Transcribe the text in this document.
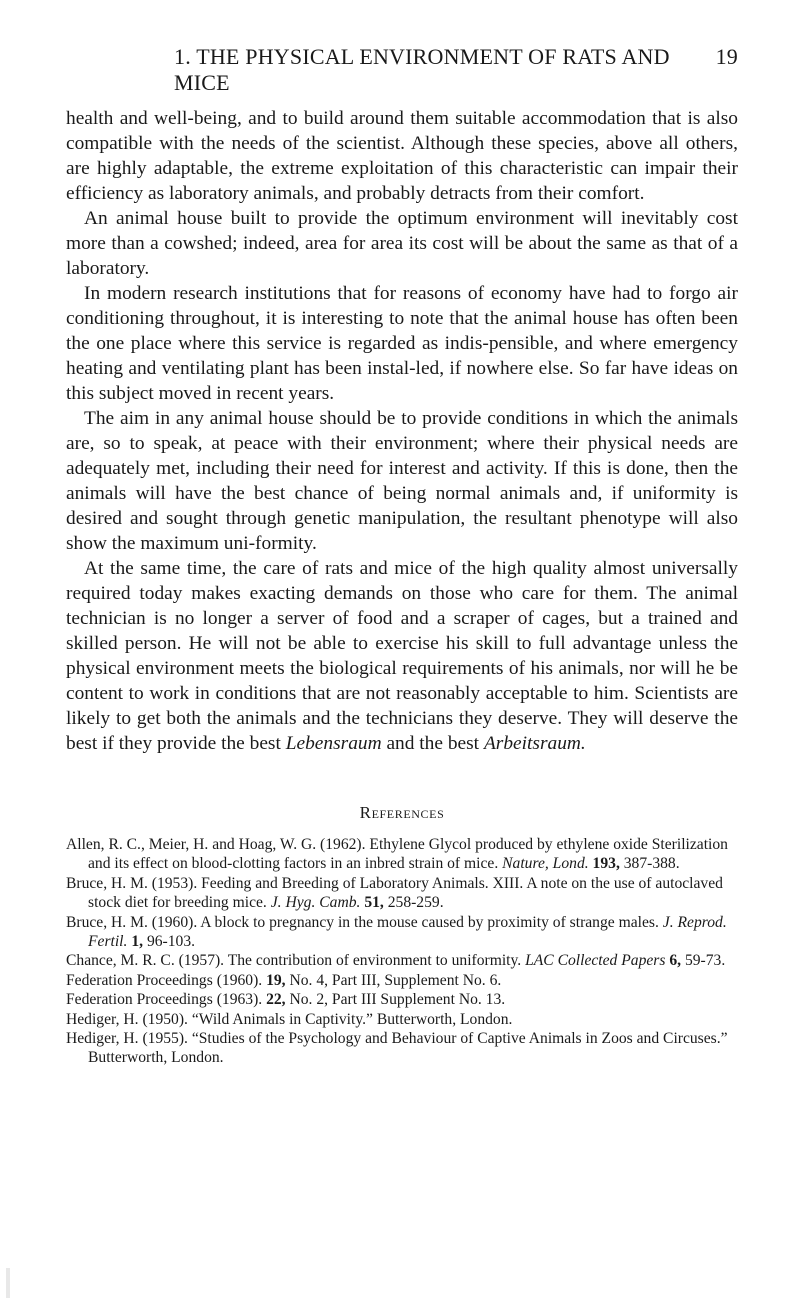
1. THE PHYSICAL ENVIRONMENT OF RATS AND MICE
19

health and well-being, and to build around them suitable accommodation that is also compatible with the needs of the scientist. Although these species, above all others, are highly adaptable, the extreme exploitation of this characteristic can impair their efficiency as laboratory animals, and probably detracts from their comfort.

An animal house built to provide the optimum environment will inevitably cost more than a cowshed; indeed, area for area its cost will be about the same as that of a laboratory.

In modern research institutions that for reasons of economy have had to forgo air conditioning throughout, it is interesting to note that the animal house has often been the one place where this service is regarded as indis-pensible, and where emergency heating and ventilating plant has been instal-led, if nowhere else. So far have ideas on this subject moved in recent years.

The aim in any animal house should be to provide conditions in which the animals are, so to speak, at peace with their environment; where their physical needs are adequately met, including their need for interest and activity. If this is done, then the animals will have the best chance of being normal animals and, if uniformity is desired and sought through genetic manipulation, the resultant phenotype will also show the maximum uni-formity.

At the same time, the care of rats and mice of the high quality almost universally required today makes exacting demands on those who care for them. The animal technician is no longer a server of food and a scraper of cages, but a trained and skilled person. He will not be able to exercise his skill to full advantage unless the physical environment meets the biological requirements of his animals, nor will he be content to work in conditions that are not reasonably acceptable to him. Scientists are likely to get both the animals and the technicians they deserve. They will deserve the best if they provide the best Lebensraum and the best Arbeitsraum.

References
Allen, R. C., Meier, H. and Hoag, W. G. (1962). Ethylene Glycol produced by ethylene oxide Sterilization and its effect on blood-clotting factors in an inbred strain of mice. Nature, Lond. 193, 387-388.
Bruce, H. M. (1953). Feeding and Breeding of Laboratory Animals. XIII. A note on the use of autoclaved stock diet for breeding mice. J. Hyg. Camb. 51, 258-259.
Bruce, H. M. (1960). A block to pregnancy in the mouse caused by proximity of strange males. J. Reprod. Fertil. 1, 96-103.
Chance, M. R. C. (1957). The contribution of environment to uniformity. LAC Collected Papers 6, 59-73.
Federation Proceedings (1960). 19, No. 4, Part III, Supplement No. 6.
Federation Proceedings (1963). 22, No. 2, Part III Supplement No. 13.
Hediger, H. (1950). “Wild Animals in Captivity.” Butterworth, London.
Hediger, H. (1955). “Studies of the Psychology and Behaviour of Captive Animals in Zoos and Circuses.” Butterworth, London.
